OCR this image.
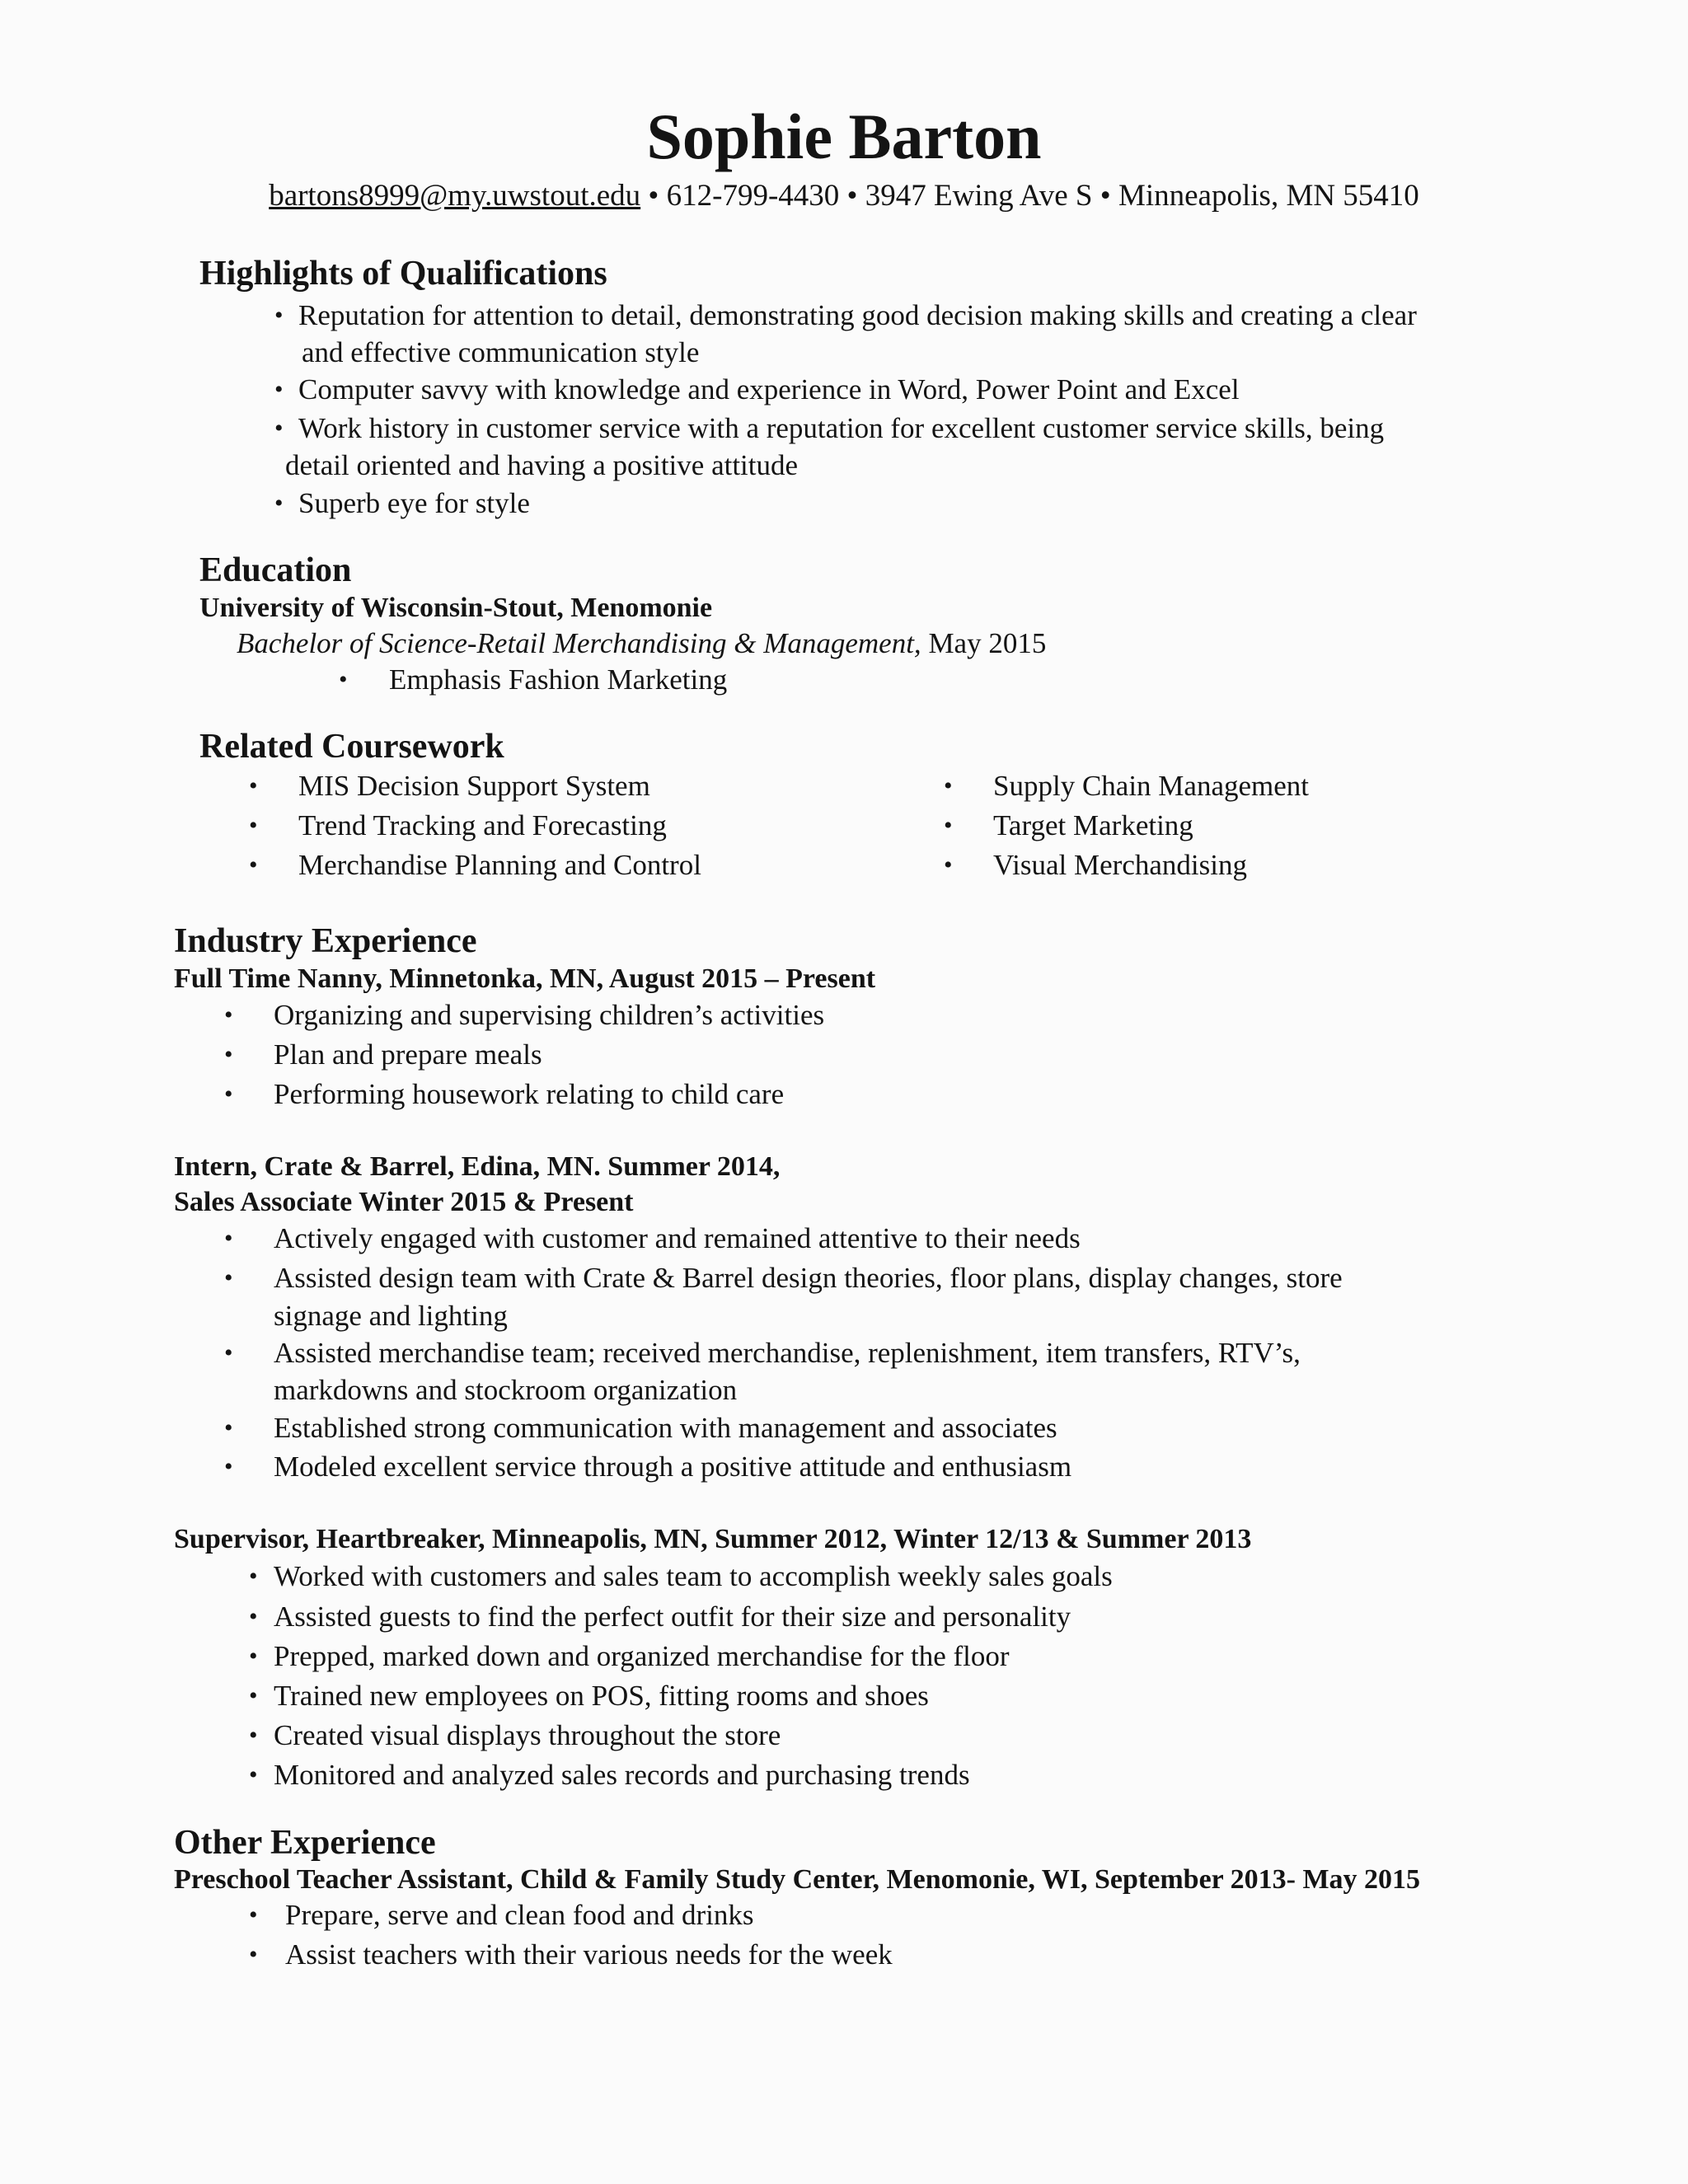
Sophie Barton
bartons8999@my.uwstout.edu • 612-799-4430 • 3947 Ewing Ave S • Minneapolis, MN 55410
Highlights of Qualifications
• Reputation for attention to detail, demonstrating good decision making skills and creating a clear
and effective communication style
• Computer savvy with knowledge and experience in Word, Power Point and Excel
• Work history in customer service with a reputation for excellent customer service skills, being
detail oriented and having a positive attitude
• Superb eye for style
Education
University of Wisconsin-Stout, Menomonie
Bachelor of Science-Retail Merchandising & Management, May 2015
• Emphasis Fashion Marketing
Related Coursework
• MIS Decision Support System
• Trend Tracking and Forecasting
• Merchandise Planning and Control
• Supply Chain Management
• Target Marketing
• Visual Merchandising
Industry Experience
Full Time Nanny, Minnetonka, MN, August 2015 – Present
• Organizing and supervising children’s activities
• Plan and prepare meals
• Performing housework relating to child care
Intern, Crate & Barrel, Edina, MN. Summer 2014,
Sales Associate Winter 2015 & Present
• Actively engaged with customer and remained attentive to their needs
• Assisted design team with Crate & Barrel design theories, floor plans, display changes, store
signage and lighting
• Assisted merchandise team; received merchandise, replenishment, item transfers, RTV’s,
markdowns and stockroom organization
• Established strong communication with management and associates
• Modeled excellent service through a positive attitude and enthusiasm
Supervisor, Heartbreaker, Minneapolis, MN, Summer 2012, Winter 12/13 & Summer 2013
• Worked with customers and sales team to accomplish weekly sales goals
• Assisted guests to find the perfect outfit for their size and personality
• Prepped, marked down and organized merchandise for the floor
• Trained new employees on POS, fitting rooms and shoes
• Created visual displays throughout the store
• Monitored and analyzed sales records and purchasing trends
Other Experience
Preschool Teacher Assistant, Child & Family Study Center, Menomonie, WI, September 2013- May 2015
• Prepare, serve and clean food and drinks
• Assist teachers with their various needs for the week
